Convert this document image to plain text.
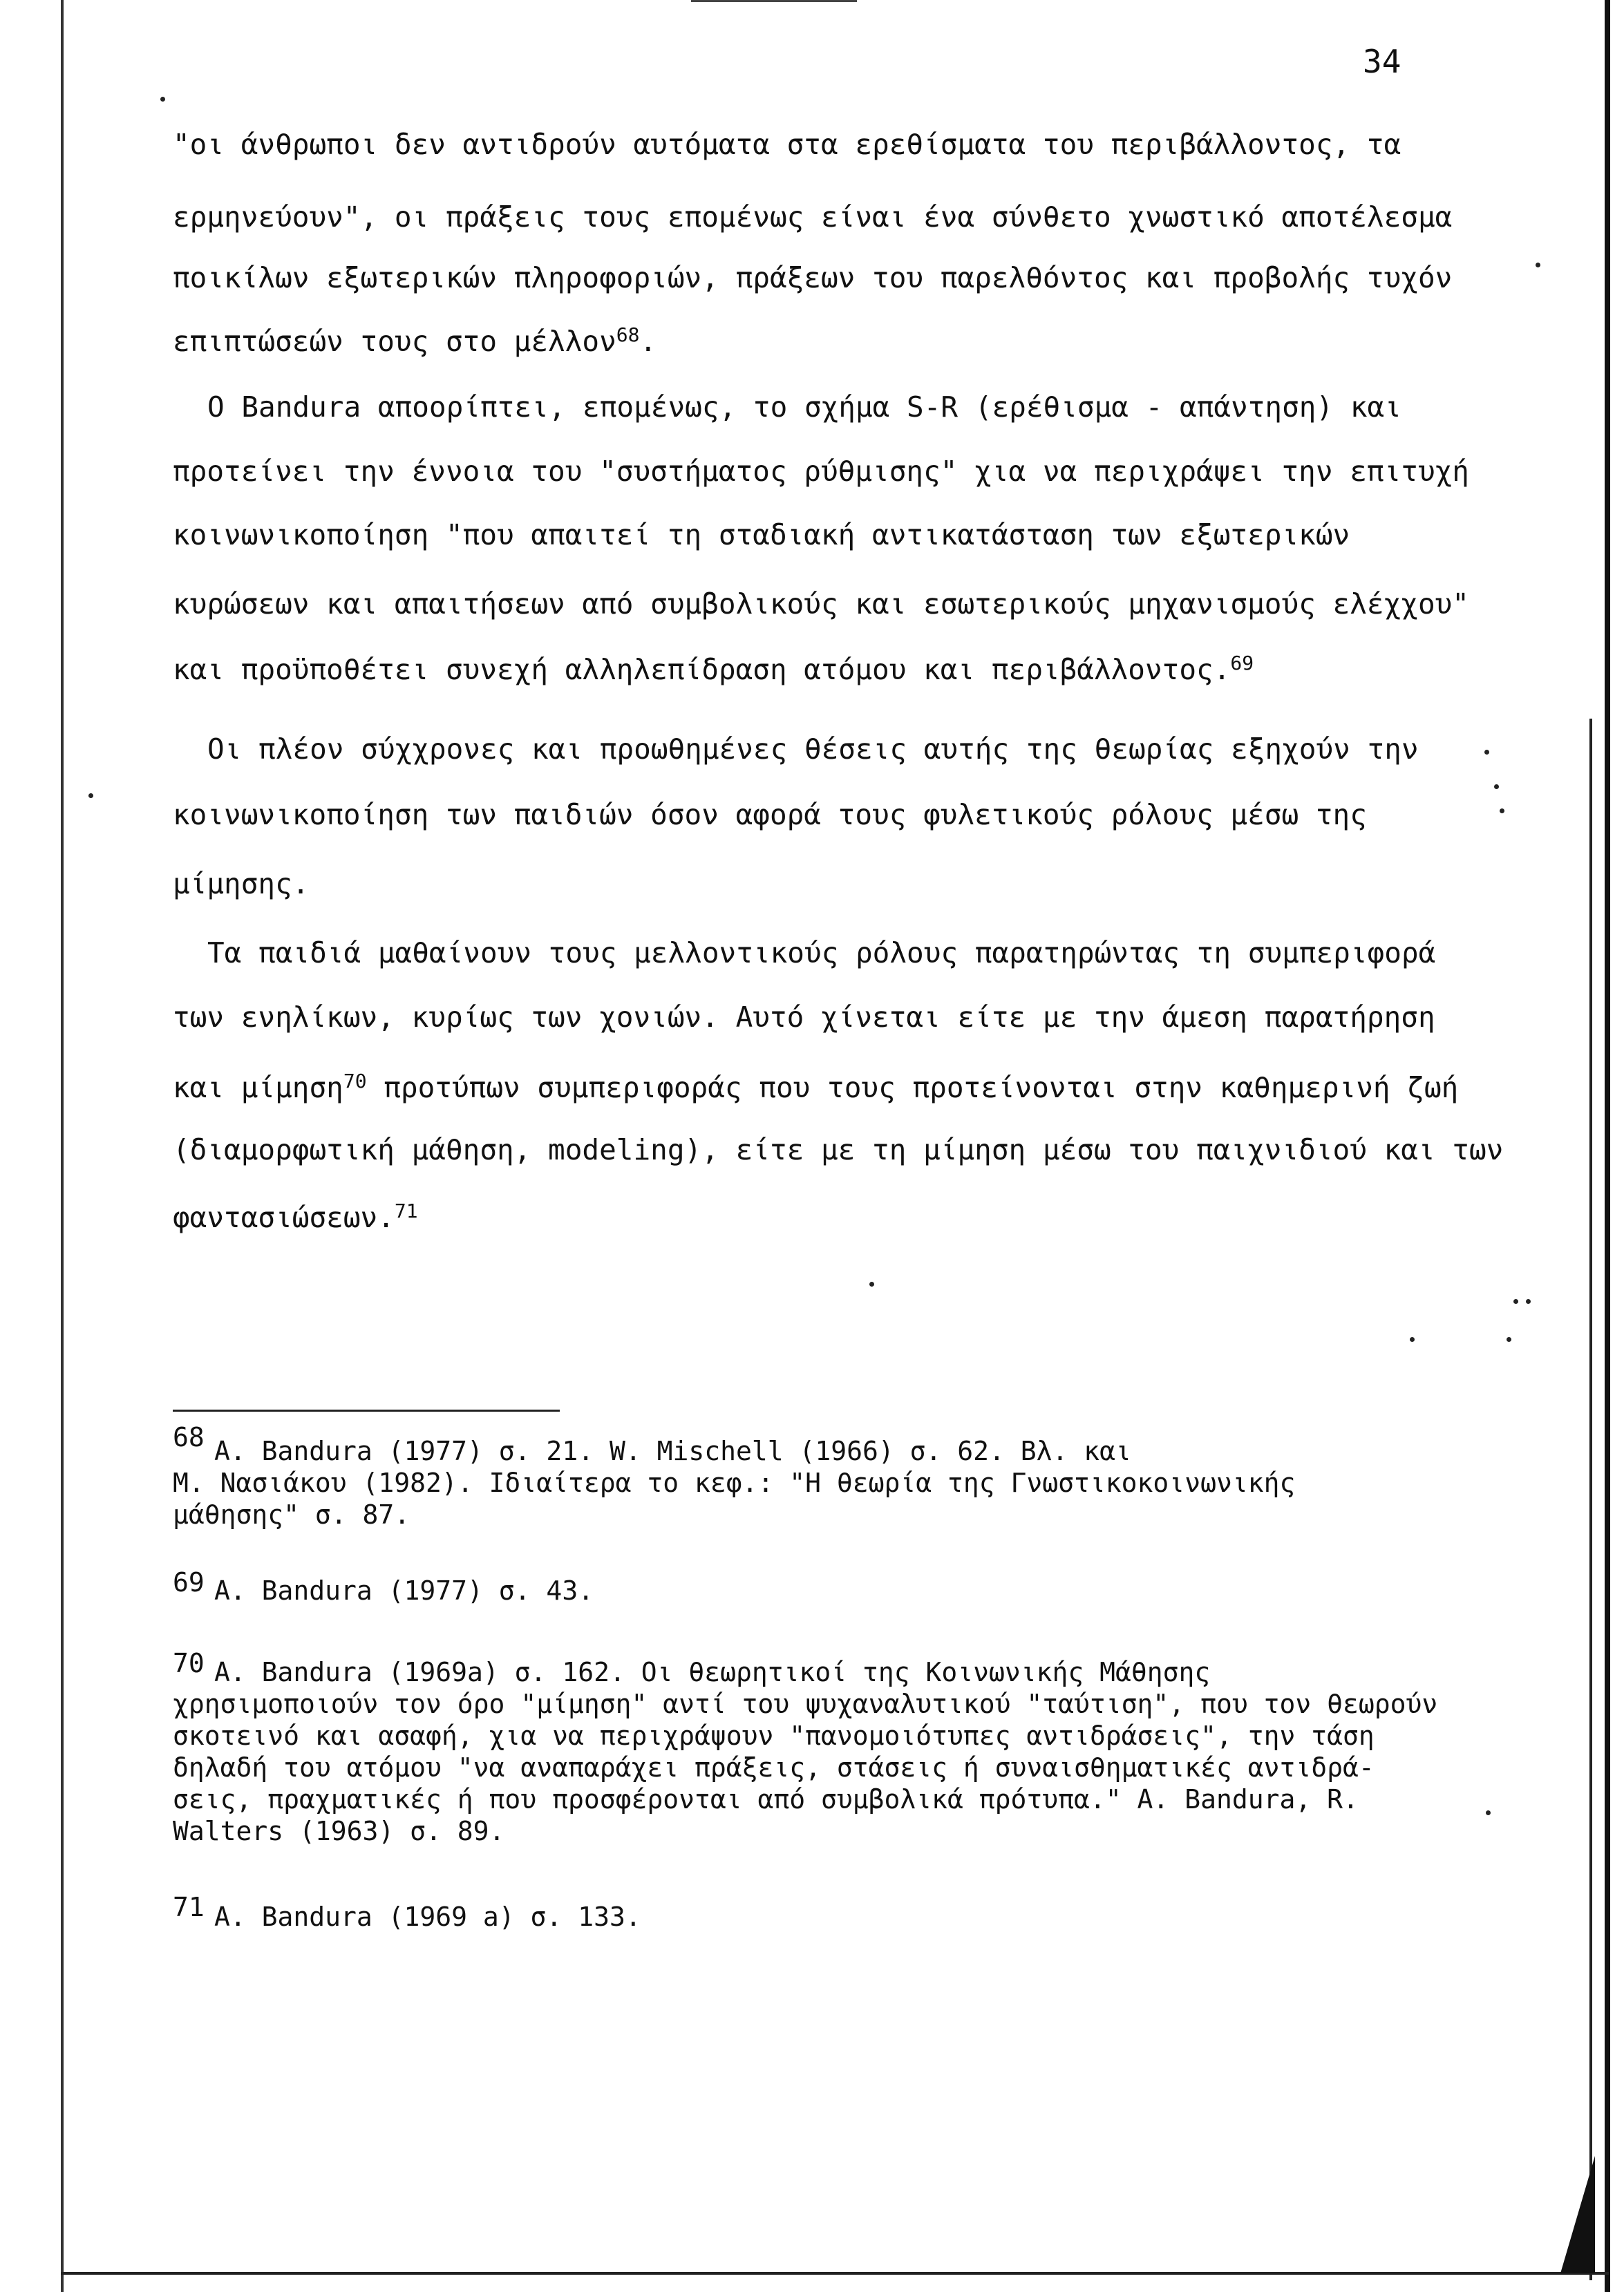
34
"οι άνθρωποι δεν αντιδρούν αυτόματα στα ερεθίσματα του περιβάλλοντος, τα
ερμηνεύουν", οι πράξεις τους επομένως είναι ένα σύνθετο χνωστικό αποτέλεσμα
ποικίλων εξωτερικών πληροφοριών, πράξεων του παρελθόντος και προβολής τυχόν
επιπτώσεών τους στο μέλλον$^{68}$.
Ο Bandura αποορίπτει, επομένως, το σχήμα S-R (ερέθισμα - απάντηση) και
προτείνει την έννοια του "συστήματος ρύθμισης" χια να περιχράψει την επιτυχή
κοινωνικοποίηση "που απαιτεί τη σταδιακή αντικατάσταση των εξωτερικών
κυρώσεων και απαιτήσεων από συμβολικούς και εσωτερικούς μηχανισμούς ελέχχου"
και προϋποθέτει συνεχή αλληλεπίδραση ατόμου και περιβάλλοντος.$^{69}$
Οι πλέον σύχχρονες και προωθημένες θέσεις αυτής της θεωρίας εξηχούν την
κοινωνικοποίηση των παιδιών όσον αφορά τους φυλετικούς ρόλους μέσω της
μίμησης.
Τα παιδιά μαθαίνουν τους μελλοντικούς ρόλους παρατηρώντας τη συμπεριφορά
των ενηλίκων, κυρίως των χονιών. Αυτό χίνεται είτε με την άμεση παρατήρηση
και μίμηση$^{70}$ προτύπων συμπεριφοράς που τους προτείνονται στην καθημερινή ζωή
(διαμορφωτική μάθηση, modeling), είτε με τη μίμηση μέσω του παιχνιδιού και των
φαντασιώσεων.$^{71}$
68 A. Bandura (1977) σ. 21. W. Mischell (1966) σ. 62. Βλ. και
Μ. Νασιάκου (1982). Ιδιαίτερα το κεφ.: "Η θεωρία της Γνωστικοκοινωνικής
μάθησης" σ. 87.
69 A. Bandura (1977) σ. 43.
70 A. Bandura (1969a) σ. 162. Οι θεωρητικοί της Κοινωνικής Μάθησης
χρησιμοποιούν τον όρο "μίμηση" αντί του ψυχαναλυτικού "ταύτιση", που τον θεωρούν
σκοτεινό και ασαφή, χια να περιχράψουν "πανομοιότυπες αντιδράσεις", την τάση
δηλαδή του ατόμου "να αναπαράχει πράξεις, στάσεις ή συναισθηματικές αντιδρά-
σεις, πραχματικές ή που προσφέρονται από συμβολικά πρότυπα." A. Bandura, R.
Walters (1963) σ. 89.
71 A. Bandura (1969 a) σ. 133.
